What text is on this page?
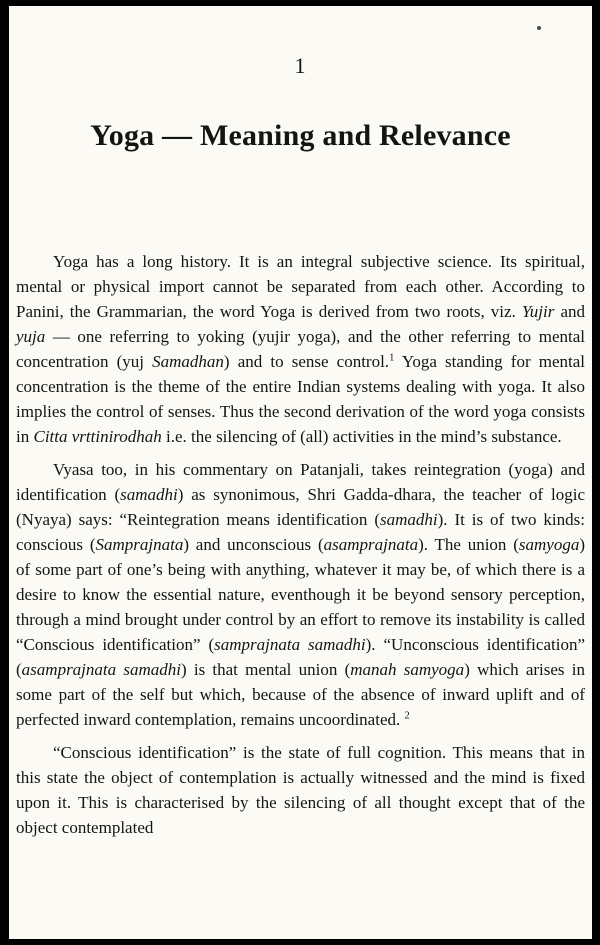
1
Yoga — Meaning and Relevance

Yoga has a long history. It is an integral subjective science. Its spiritual, mental or physical import cannot be separated from each other. According to Panini, the Grammarian, the word Yoga is derived from two roots, viz. Yujir and yuja — one referring to yoking (yujir yoga), and the other referring to mental concentration (yuj Samadhan) and to sense control.$^1$ Yoga standing for mental concentration is the theme of the entire Indian systems dealing with yoga. It also implies the control of senses. Thus the second derivation of the word yoga consists in Citta vrttinirodhah i.e. the silencing of (all) activities in the mind’s substance.

Vyasa too, in his commentary on Patanjali, takes reintegration (yoga) and identification (samadhi) as synonimous, Shri Gadda-dhara, the teacher of logic (Nyaya) says: “Reintegration means identification (samadhi). It is of two kinds: conscious (Samprajnata) and unconscious (asamprajnata). The union (samyoga) of some part of one’s being with anything, whatever it may be, of which there is a desire to know the essential nature, eventhough it be beyond sensory perception, through a mind brought under control by an effort to remove its instability is called “Conscious identification” (samprajnata samadhi). “Unconscious identification” (asamprajnata samadhi) is that mental union (manah samyoga) which arises in some part of the self but which, because of the absence of inward uplift and of perfected inward contemplation, remains uncoordinated. $^2$

“Conscious identification” is the state of full cognition. This means that in this state the object of contemplation is actually witnessed and the mind is fixed upon it. This is characterised by the silencing of all thought except that of the object contemplated
